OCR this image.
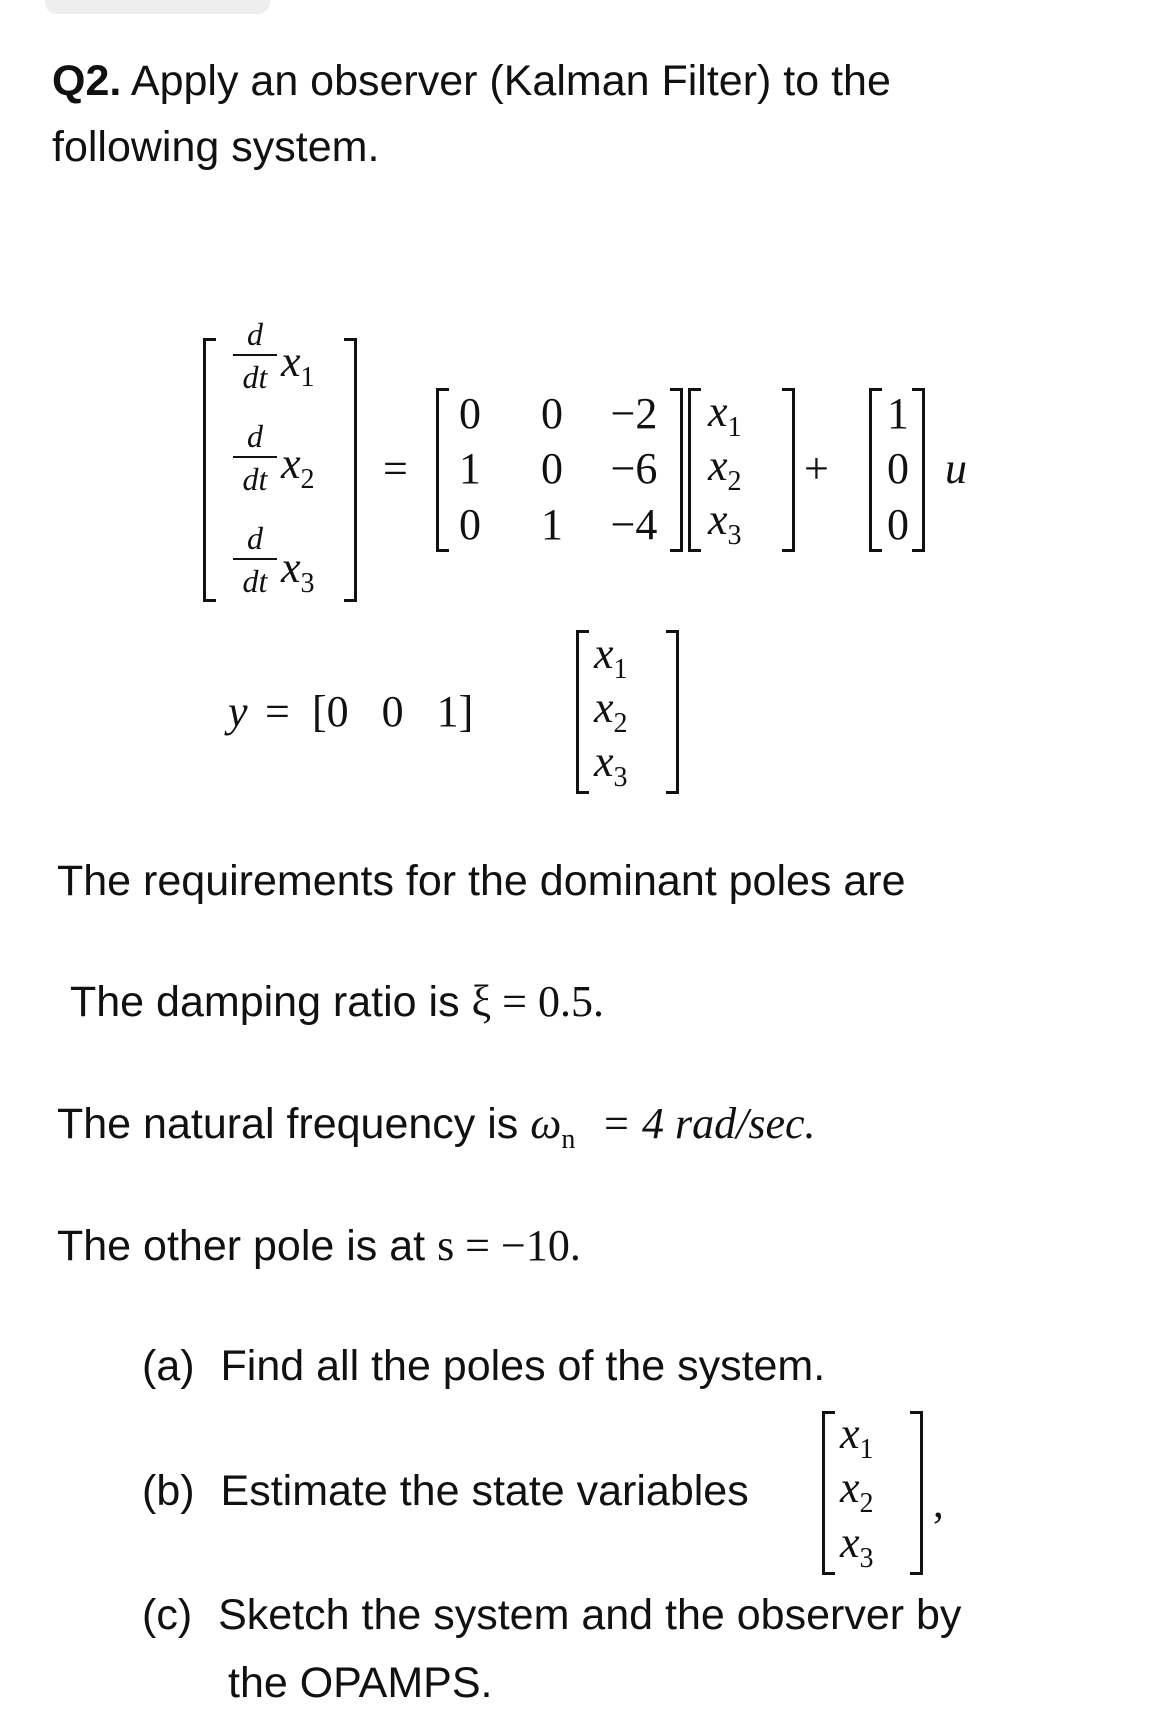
Q2. Apply an observer (Kalman Filter) to the
following system.
d
dt $x_1$
d
dt $x_2$
d
dt $x_3$
=
0 0	−2
1 0	−6
0 1	−4
$x_1$
$x_2$
$x_3$
+
1
0
0
u
y = [0   0   1]
$x_1$
$x_2$
$x_3$
The requirements for the dominant poles are
The damping ratio is ξ = 0.5.
The natural frequency is $\omega_n = 4$ rad/sec.
The other pole is at s = −10.
(a) Find all the poles of the system.
(b) Estimate the state variables
$x_1$
$x_2$
$x_3$
,
(c) Sketch the system and the observer by
the OPAMPS.
